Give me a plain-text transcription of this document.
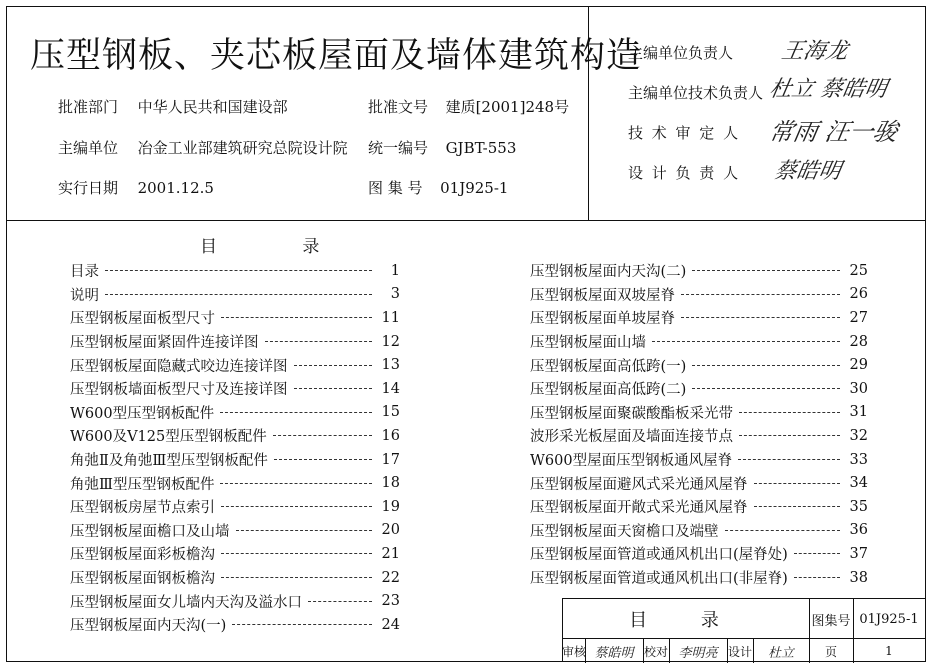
压型钢板、夹芯板屋面及墙体建筑构造
批准部门 中华人民共和国建设部	批准文号 建质[2001]248号
主编单位 冶金工业部建筑研究总院设计院 统一编号 GJBT-553
实行日期 2001.12.5	图 集 号 01J925-1
主编单位负责人 王海龙
主编单位技术负责人 杜立 蔡皓明
技 术 审 定 人 常雨 汪一骏
设 计 负 责 人 蔡皓明
目 录
目录	1
说明	3
压型钢板屋面板型尺寸	11
压型钢板屋面紧固件连接详图	12
压型钢板屋面隐藏式咬边连接详图	13
压型钢板墙面板型尺寸及连接详图	14
W600型压型钢板配件	15
W600及V125型压型钢板配件	16
角弛Ⅱ及角弛Ⅲ型压型钢板配件	17
角弛Ⅲ型压型钢板配件	18
压型钢板房屋节点索引	19
压型钢板屋面檐口及山墙	20
压型钢板屋面彩板檐沟	21
压型钢板屋面钢板檐沟	22
压型钢板屋面女儿墙内天沟及溢水口	23
压型钢板屋面内天沟(一)	24
压型钢板屋面内天沟(二)	25
压型钢板屋面双坡屋脊	26
压型钢板屋面单坡屋脊	27
压型钢板屋面山墙	28
压型钢板屋面高低跨(一)	29
压型钢板屋面高低跨(二)	30
压型钢板屋面聚碳酸酯板采光带	31
波形采光板屋面及墙面连接节点	32
W600型屋面压型钢板通风屋脊	33
压型钢板屋面避风式采光通风屋脊	34
压型钢板屋面开敞式采光通风屋脊	35
压型钢板屋面天窗檐口及端壁	36
压型钢板屋面管道或通风机出口(屋脊处)	37
压型钢板屋面管道或通风机出口(非屋脊)	38
目 录	图集号 01J925-1
审核 蔡皓明 校对 李明亮 设计	杜立	页	1
